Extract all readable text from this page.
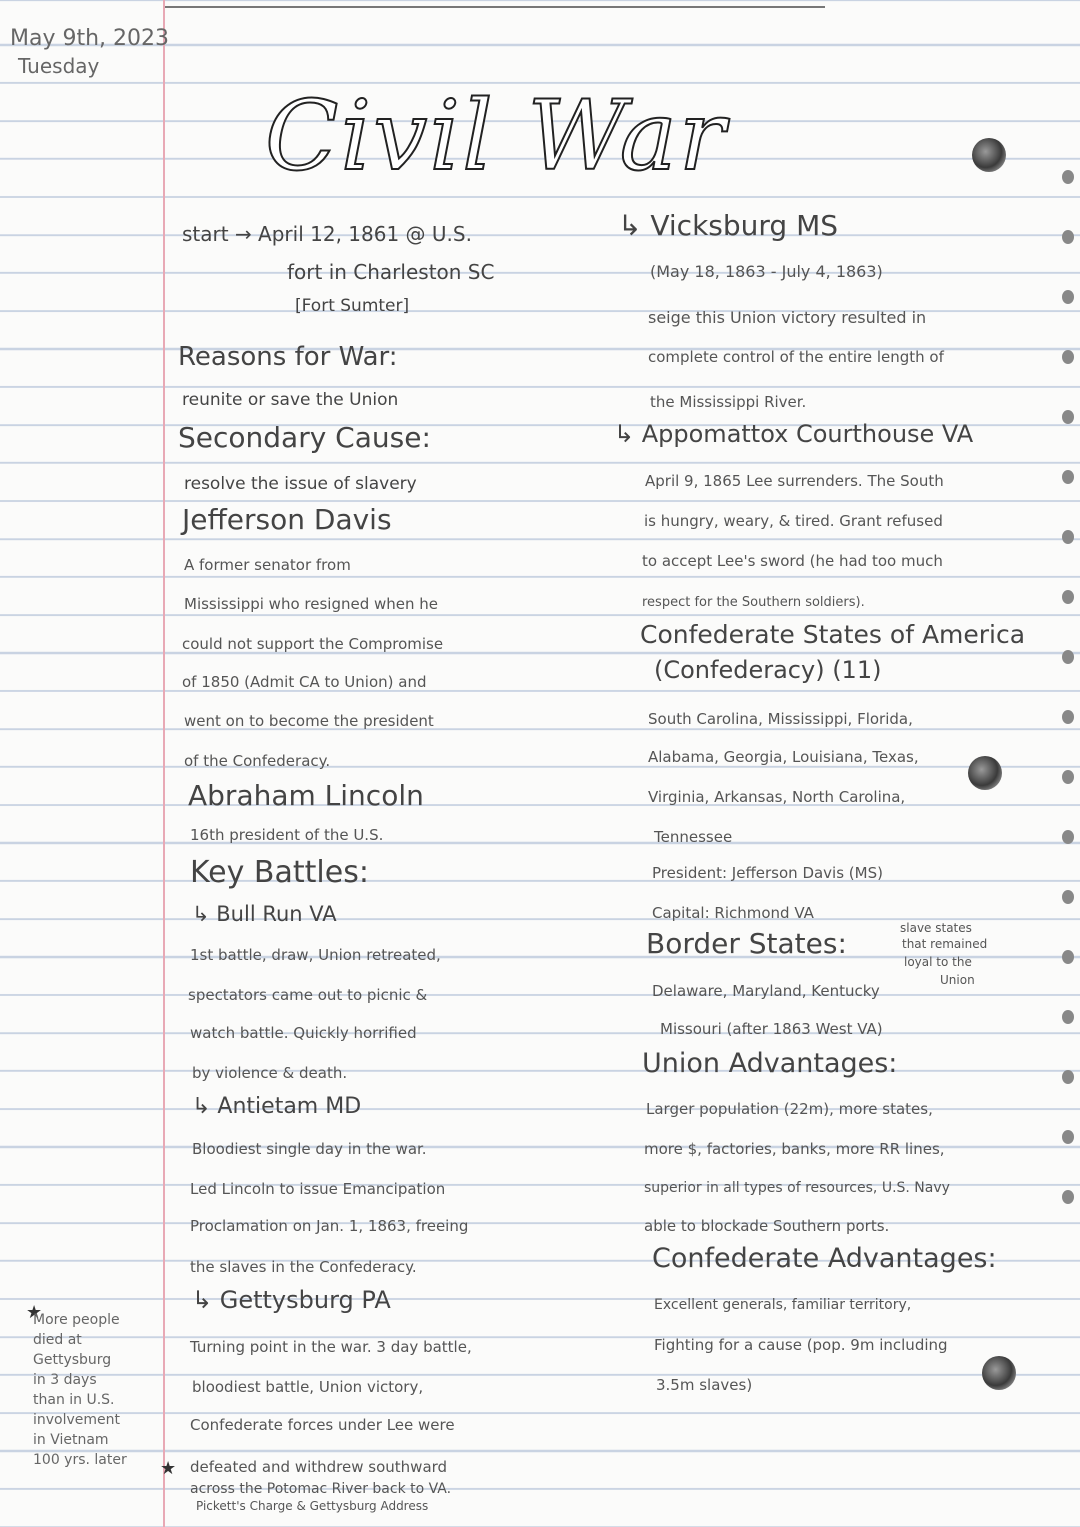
May 9th, 2023
Tuesday
Civil War
start → April 12, 1861 @ U.S.
fort in Charleston SC
[Fort Sumter]
Reasons for War:
reunite or save the Union
Secondary Cause:
resolve the issue of slavery
Jefferson Davis
A former senator from
Mississippi who resigned when he
could not support the Compromise
of 1850 (Admit CA to Union) and
went on to become the president
of the Confederacy.
Abraham Lincoln
16th president of the U.S.
Key Battles:
↳ Bull Run VA
1st battle, draw, Union retreated,
spectators came out to picnic &
watch battle. Quickly horrified
by violence & death.
↳ Antietam MD
Bloodiest single day in the war.
Led Lincoln to issue Emancipation
Proclamation on Jan. 1, 1863, freeing
the slaves in the Confederacy.
↳ Gettysburg PA
Turning point in the war. 3 day battle,
bloodiest battle, Union victory,
Confederate forces under Lee were
defeated and withdrew southward
across the Potomac River back to VA.
Pickett's Charge & Gettysburg Address
★
★
More people
died at
Gettysburg
in 3 days
than in U.S.
involvement
in Vietnam
100 yrs. later
↳ Vicksburg MS
(May 18, 1863 - July 4, 1863)
seige this Union victory resulted in
complete control of the entire length of
the Mississippi River.
↳ Appomattox Courthouse VA
April 9, 1865 Lee surrenders. The South
is hungry, weary, & tired. Grant refused
to accept Lee's sword (he had too much
respect for the Southern soldiers).
Confederate States of America
(Confederacy) (11)
South Carolina, Mississippi, Florida,
Alabama, Georgia, Louisiana, Texas,
Virginia, Arkansas, North Carolina,
Tennessee
President: Jefferson Davis (MS)
Capital: Richmond VA
Border States:	slave states
that remained
loyal to the
Union
Delaware, Maryland, Kentucky
Missouri (after 1863 West VA)
Union Advantages:
Larger population (22m), more states,
more $, factories, banks, more RR lines,
superior in all types of resources, U.S. Navy
able to blockade Southern ports.
Confederate Advantages:
Excellent generals, familiar territory,
Fighting for a cause (pop. 9m including
3.5m slaves)
